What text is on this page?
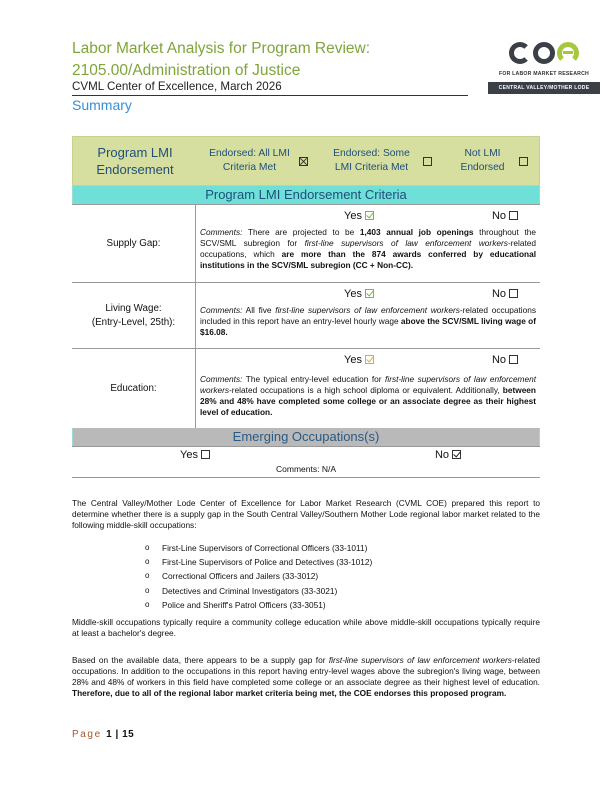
Labor Market Analysis for Program Review:
2105.00/Administration of Justice
CVML Center of Excellence, March 2026
Summary
FOR LABOR MARKET RESEARCH
CENTRAL VALLEY/MOTHER LODE
Program LMI Endorsement
Endorsed: All LMI Criteria Met
Endorsed: Some LMI Criteria Met
Not LMI Endorsed
Program LMI Endorsement Criteria
Supply Gap:
Yes	No
Comments: There are projected to be 1,403 annual job openings throughout the SCV/SML subregion for first-line supervisors of law enforcement workers-related occupations, which are more than the 874 awards conferred by educational institutions in the SCV/SML subregion (CC + Non-CC).
Living Wage:
(Entry-Level, 25th):
Yes	No
Comments: All five first-line supervisors of law enforcement workers-related occupations included in this report have an entry-level hourly wage above the SCV/SML living wage of $16.08.
Education:
Yes	No
Comments: The typical entry-level education for first-line supervisors of law enforcement workers-related occupations is a high school diploma or equivalent. Additionally, between 28% and 48% have completed some college or an associate degree as their highest level of education.
Emerging Occupations(s)
Yes	No
Comments: N/A
The Central Valley/Mother Lode Center of Excellence for Labor Market Research (CVML COE) prepared this report to determine whether there is a supply gap in the South Central Valley/Southern Mother Lode regional labor market related to the following middle-skill occupations:
o First-Line Supervisors of Correctional Officers (33-1011)
o First-Line Supervisors of Police and Detectives (33-1012)
o Correctional Officers and Jailers (33-3012)
o Detectives and Criminal Investigators (33-3021)
o Police and Sheriff's Patrol Officers (33-3051)
Middle-skill occupations typically require a community college education while above middle-skill occupations typically require at least a bachelor's degree.
Based on the available data, there appears to be a supply gap for first-line supervisors of law enforcement workers-related occupations. In addition to the occupations in this report having entry-level wages above the subregion's living wage, between 28% and 48% of workers in this field have completed some college or an associate degree as their highest level of education. Therefore, due to all of the regional labor market criteria being met, the COE endorses this proposed program.
Page 1 | 15
